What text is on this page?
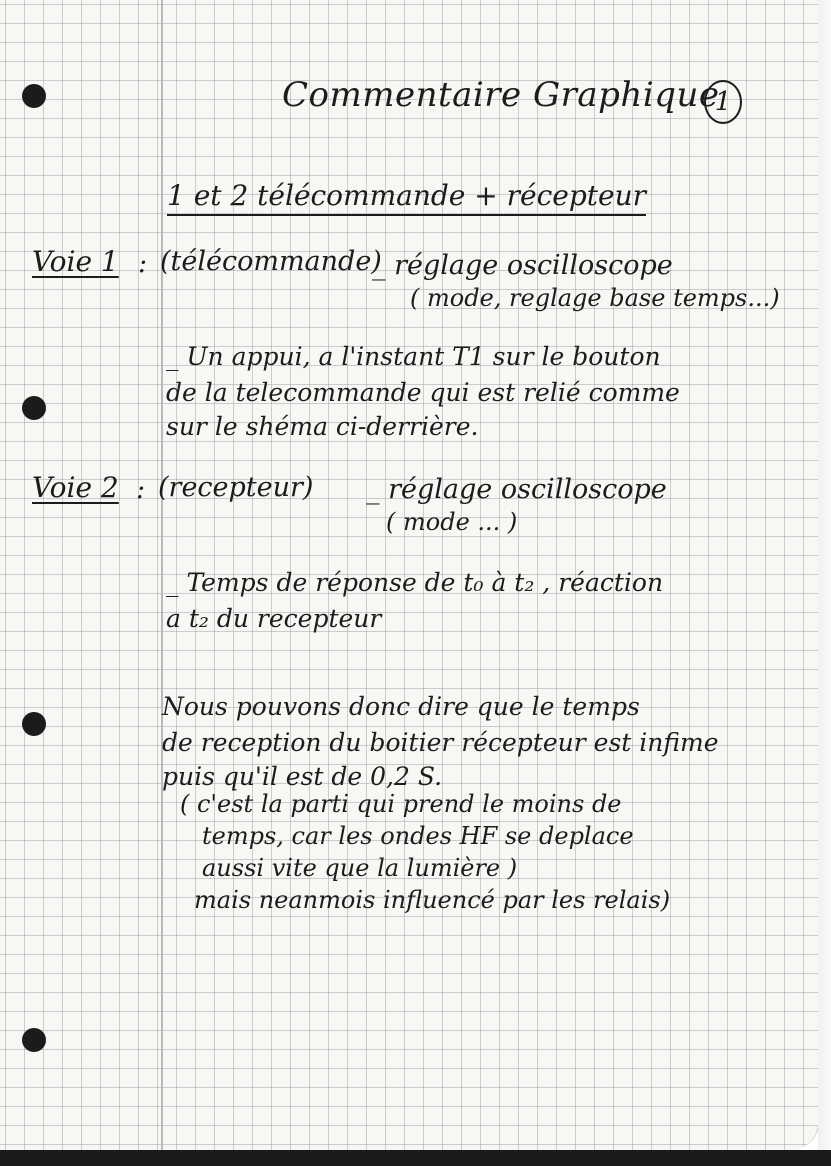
Commentaire Graphique
1
1 et 2 télécommande + récepteur
Voie 1 : (télécommande)
_ réglage oscilloscope
( mode, reglage base temps...)
_ Un appui, a l'instant T1 sur le bouton
de la telecommande qui est relié comme
sur le shéma ci-derrière.
Voie 2 : (recepteur) _ réglage oscilloscope
( mode ... )
_ Temps de réponse de t₀ à t₂ , réaction
a t₂ du recepteur
Nous pouvons donc dire que le temps
de reception du boitier récepteur est infime
puis qu'il est de 0,2 S.
( c'est la parti qui prend le moins de
temps, car les ondes HF se deplace
aussi vite que la lumière )
mais neanmois influencé par les relais)
